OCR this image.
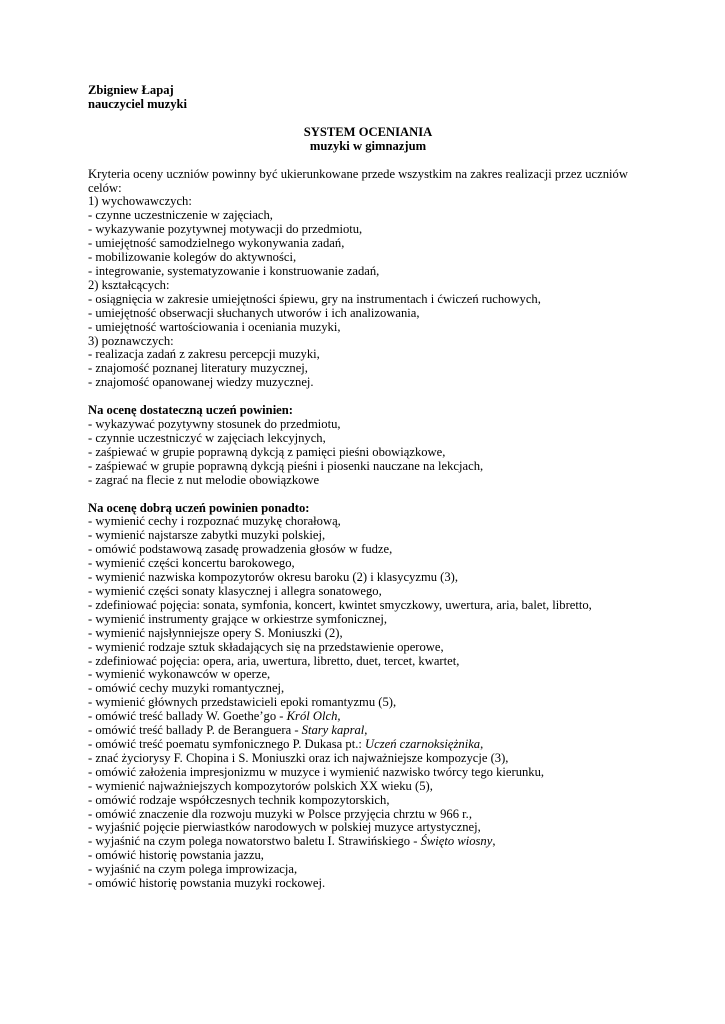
Zbigniew Łapaj
nauczyciel muzyki
SYSTEM OCENIANIA
muzyki w gimnazjum
Kryteria oceny uczniów powinny być ukierunkowane przede wszystkim na zakres realizacji przez uczniów celów:
1) wychowawczych:
- czynne uczestniczenie w zajęciach,
- wykazywanie pozytywnej motywacji do przedmiotu,
- umiejętność samodzielnego wykonywania zadań,
- mobilizowanie kolegów do aktywności,
- integrowanie, systematyzowanie i konstruowanie zadań,
2) kształcących:
- osiągnięcia w zakresie umiejętności śpiewu, gry na instrumentach i ćwiczeń ruchowych,
- umiejętność obserwacji słuchanych utworów i ich analizowania,
- umiejętność wartościowania i oceniania muzyki,
3) poznawczych:
- realizacja zadań z zakresu percepcji muzyki,
- znajomość poznanej literatury muzycznej,
- znajomość opanowanej wiedzy muzycznej.
Na ocenę dostateczną uczeń powinien:
- wykazywać pozytywny stosunek do przedmiotu,
- czynnie uczestniczyć w zajęciach lekcyjnych,
- zaśpiewać w grupie poprawną dykcją z pamięci pieśni obowiązkowe,
- zaśpiewać w grupie poprawną dykcją pieśni i piosenki nauczane na lekcjach,
- zagrać na flecie z nut melodie obowiązkowe
Na ocenę dobrą uczeń powinien ponadto:
- wymienić cechy i rozpoznać muzykę chorałową,
- wymienić najstarsze zabytki muzyki polskiej,
- omówić podstawową zasadę prowadzenia głosów w fudze,
- wymienić części koncertu barokowego,
- wymienić nazwiska kompozytorów okresu baroku (2) i klasycyzmu (3),
- wymienić części sonaty klasycznej i allegra sonatowego,
- zdefiniować pojęcia: sonata, symfonia, koncert, kwintet smyczkowy, uwertura, aria, balet, libretto,
- wymienić instrumenty grające w orkiestrze symfonicznej,
- wymienić najsłynniejsze opery S. Moniuszki (2),
- wymienić rodzaje sztuk składających się na przedstawienie operowe,
- zdefiniować pojęcia: opera, aria, uwertura, libretto, duet, tercet, kwartet,
- wymienić wykonawców w operze,
- omówić cechy muzyki romantycznej,
- wymienić głównych przedstawicieli epoki romantyzmu (5),
- omówić treść ballady W. Goethe’go - Król Olch,
- omówić treść ballady P. de Beranguera - Stary kapral,
- omówić treść poematu symfonicznego P. Dukasa pt.: Uczeń czarnoksiężnika,
- znać życiorysy F. Chopina i S. Moniuszki oraz ich najważniejsze kompozycje (3),
- omówić założenia impresjonizmu w muzyce i wymienić nazwisko twórcy tego kierunku,
- wymienić najważniejszych kompozytorów polskich XX wieku (5),
- omówić rodzaje współczesnych technik kompozytorskich,
- omówić znaczenie dla rozwoju muzyki w Polsce przyjęcia chrztu w 966 r.,
- wyjaśnić pojęcie pierwiastków narodowych w polskiej muzyce artystycznej,
- wyjaśnić na czym polega nowatorstwo baletu I. Strawińskiego - Święto wiosny,
- omówić historię powstania jazzu,
- wyjaśnić na czym polega improwizacja,
- omówić historię powstania muzyki rockowej.
